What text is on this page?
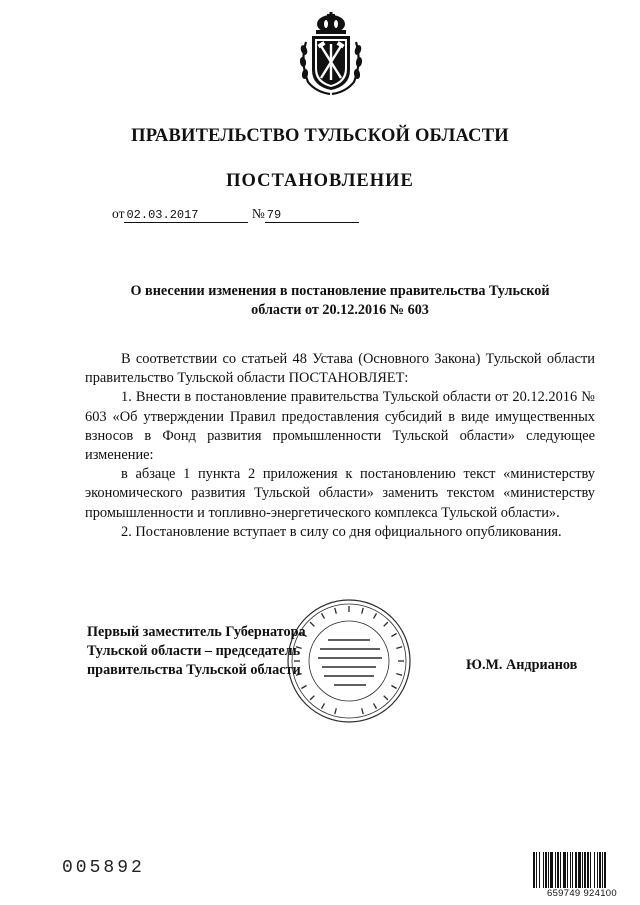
ПРАВИТЕЛЬСТВО ТУЛЬСКОЙ ОБЛАСТИ
ПОСТАНОВЛЕНИЕ
от 02.03.2017	№ 79
О внесении изменения в постановление правительства Тульской
области от 20.12.2016 № 603

В соответствии со статьей 48 Устава (Основного Закона) Тульской области правительство Тульской области ПОСТАНОВЛЯЕТ:

1. Внести в постановление правительства Тульской области от 20.12.2016 № 603 «Об утверждении Правил предоставления субсидий в виде имущественных взносов в Фонд развития промышленности Тульской области» следующее изменение:

в абзаце 1 пункта 2 приложения к постановлению текст «министерству экономического развития Тульской области» заменить текстом «министерству промышленности и топливно-энергетического комплекса Тульской области».

2. Постановление вступает в силу со дня официального опубликования.

Первый заместитель Губернатора
Тульской области – председатель
правительства Тульской области	Ю.М. Андрианов
005892
659749 924100
